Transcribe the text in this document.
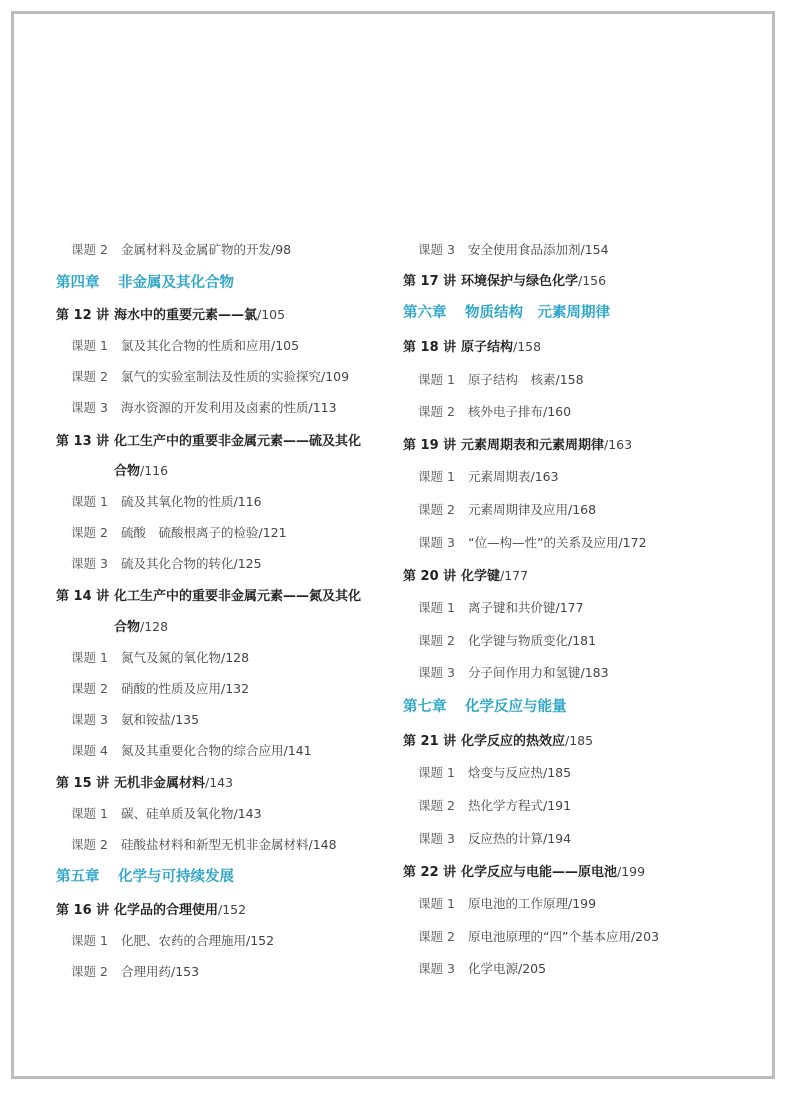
课题 2 金属材料及金属矿物的开发/98
第四章 非金属及其化合物
第 12 讲 海水中的重要元素——氯/105
课题 1 氯及其化合物的性质和应用/105
课题 2 氯气的实验室制法及性质的实验探究/109
课题 3 海水资源的开发利用及卤素的性质/113
第 13 讲 化工生产中的重要非金属元素——硫及其化
合物/116
课题 1 硫及其氧化物的性质/116
课题 2 硫酸　硫酸根离子的检验/121
课题 3 硫及其化合物的转化/125
第 14 讲 化工生产中的重要非金属元素——氮及其化
合物/128
课题 1 氮气及氮的氧化物/128
课题 2 硝酸的性质及应用/132
课题 3 氨和铵盐/135
课题 4 氮及其重要化合物的综合应用/141
第 15 讲 无机非金属材料/143
课题 1 碳、硅单质及氧化物/143
课题 2 硅酸盐材料和新型无机非金属材料/148
第五章 化学与可持续发展
第 16 讲 化学品的合理使用/152
课题 1 化肥、农药的合理施用/152
课题 2 合理用药/153
课题 3 安全使用食品添加剂/154
第 17 讲 环境保护与绿色化学/156
第六章 物质结构　元素周期律
第 18 讲 原子结构/158
课题 1 原子结构　核素/158
课题 2 核外电子排布/160
第 19 讲 元素周期表和元素周期律/163
课题 1 元素周期表/163
课题 2 元素周期律及应用/168
课题 3 “位—构—性”的关系及应用/172
第 20 讲 化学键/177
课题 1 离子键和共价键/177
课题 2 化学键与物质变化/181
课题 3 分子间作用力和氢键/183
第七章 化学反应与能量
第 21 讲 化学反应的热效应/185
课题 1 焓变与反应热/185
课题 2 热化学方程式/191
课题 3 反应热的计算/194
第 22 讲 化学反应与电能——原电池/199
课题 1 原电池的工作原理/199
课题 2 原电池原理的“四”个基本应用/203
课题 3 化学电源/205
